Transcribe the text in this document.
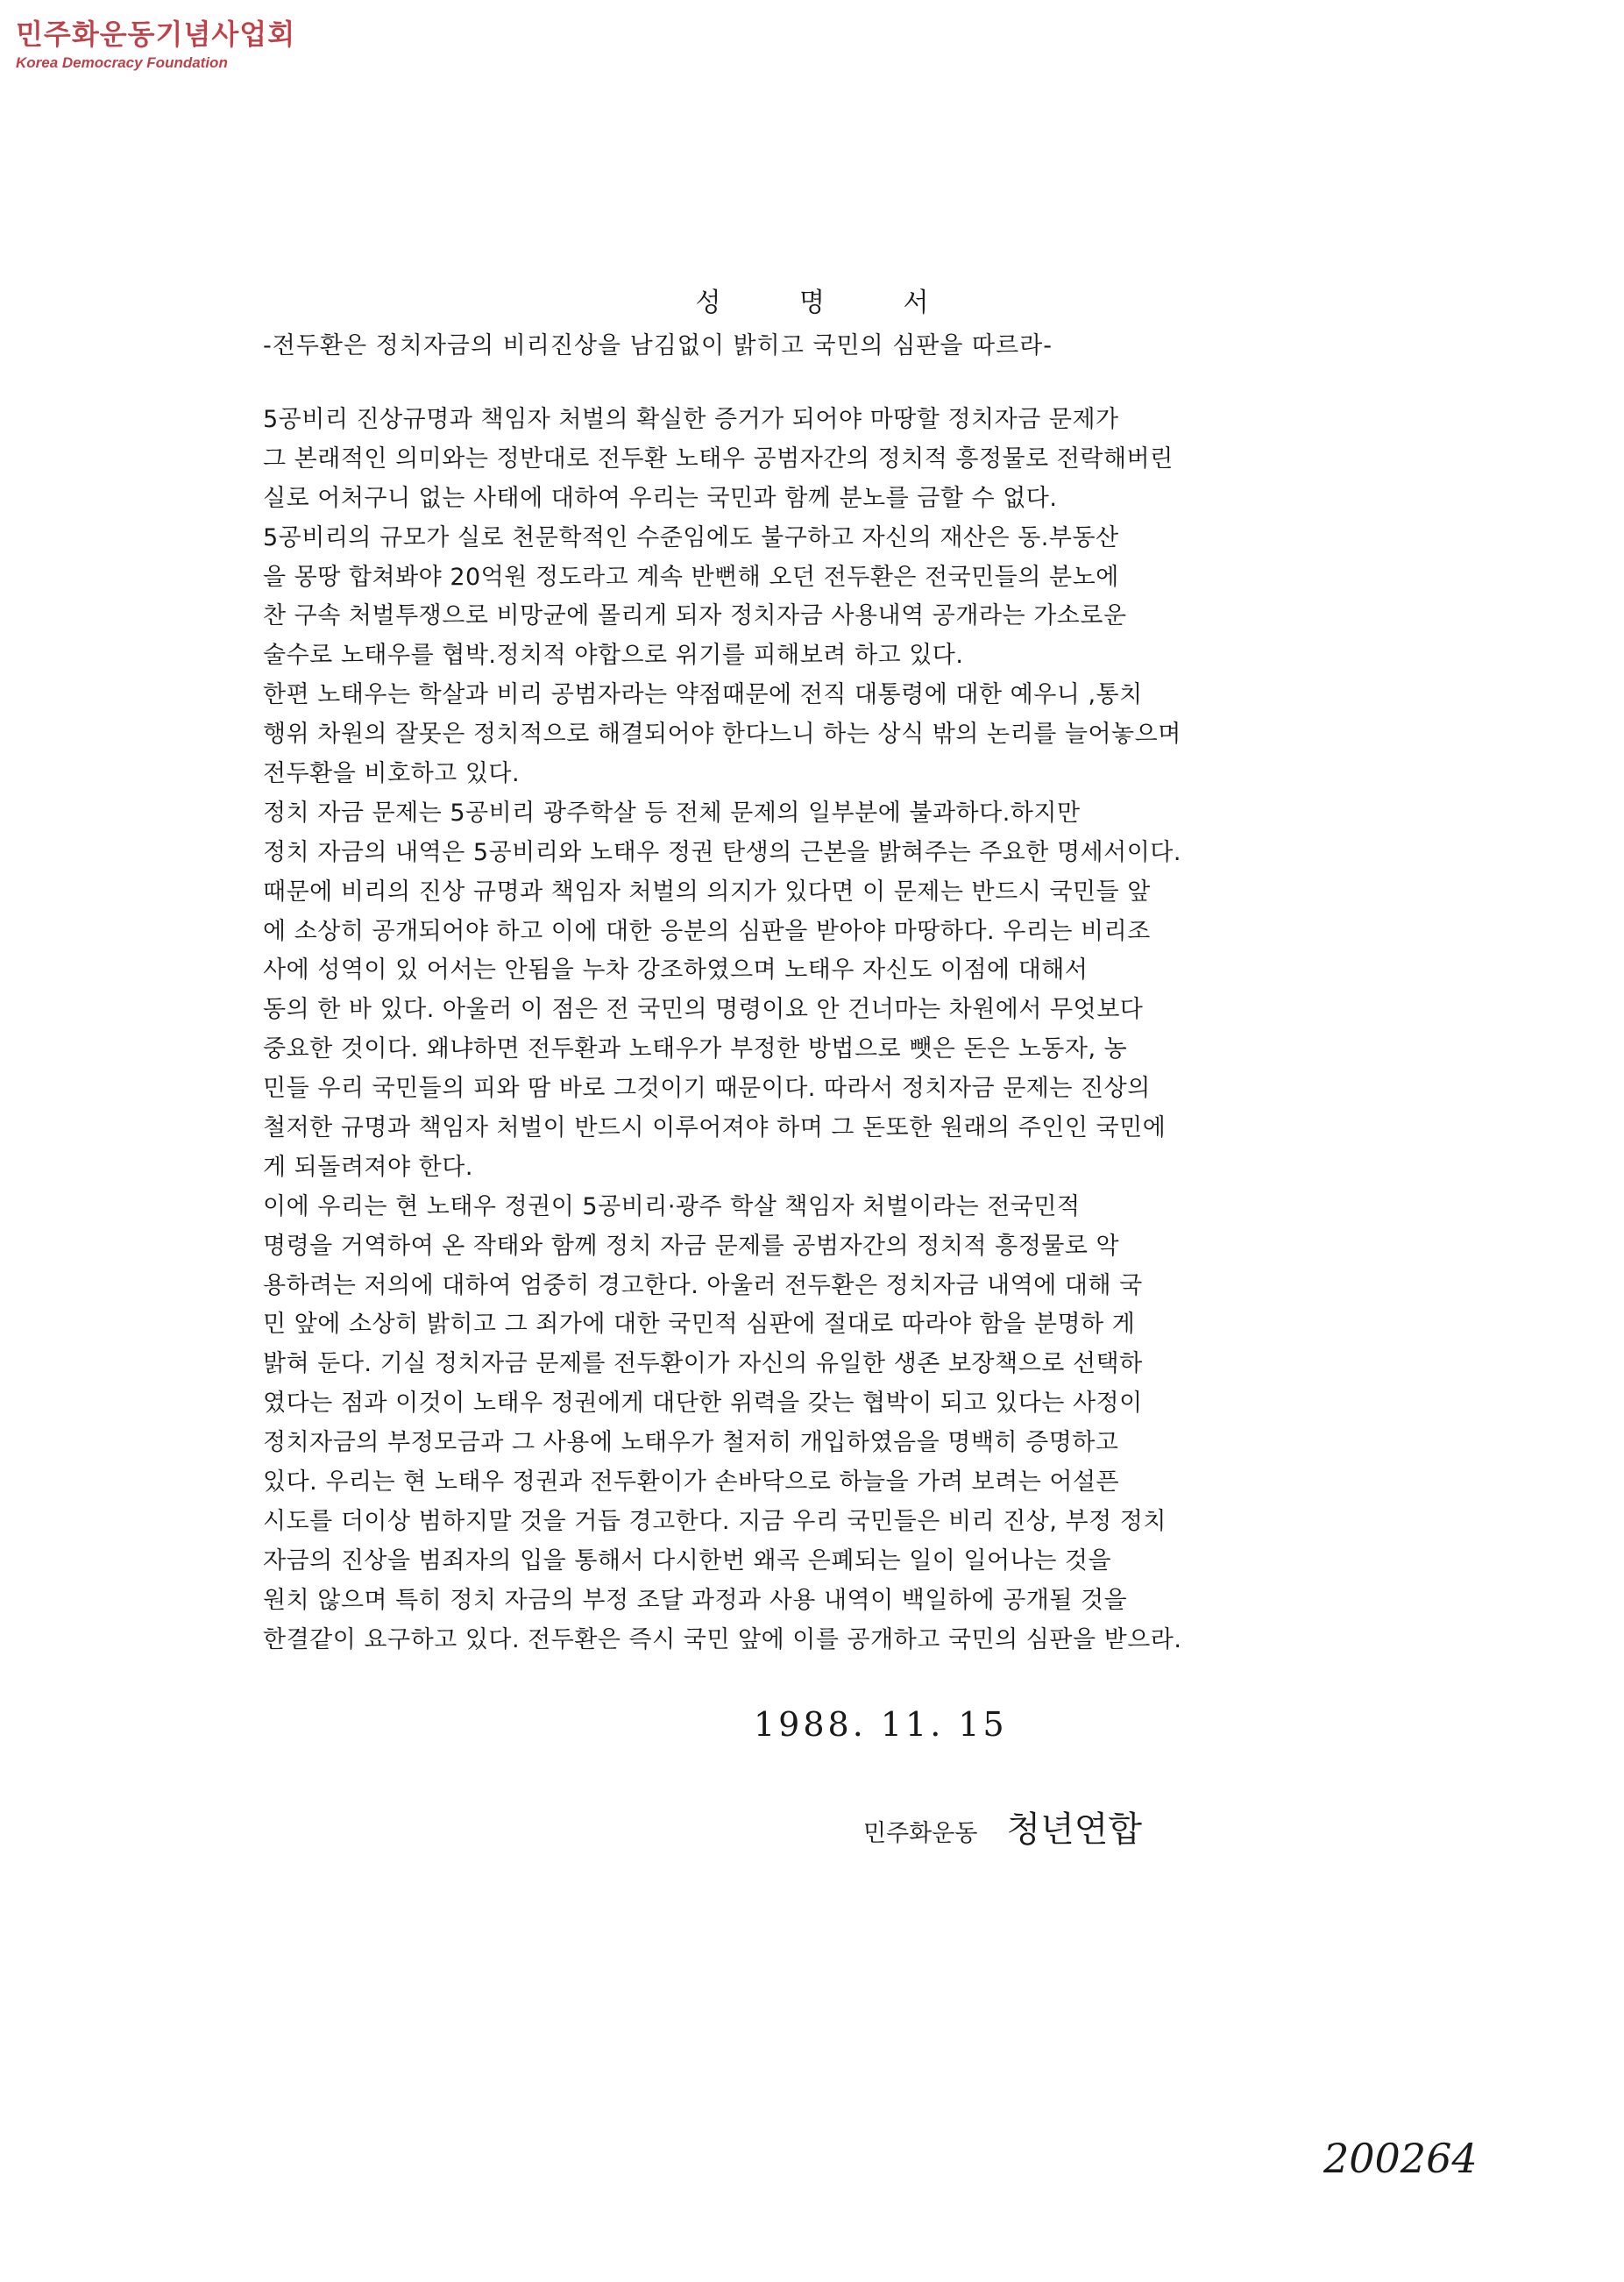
민주화운동기념사업회
Korea Democracy Foundation
성 명 서
-전두환은 정치자금의 비리진상을 남김없이 밝히고 국민의 심판을 따르라-
5공비리 진상규명과 책임자 처벌의 확실한 증거가 되어야 마땅할 정치자금 문제가
그 본래적인 의미와는 정반대로 전두환 노태우 공범자간의 정치적 흥정물로 전락해버린
실로 어처구니 없는 사태에 대하여 우리는 국민과 함께 분노를 금할 수 없다.
5공비리의 규모가 실로 천문학적인 수준임에도 불구하고 자신의 재산은 동.부동산
을 몽땅 합쳐봐야 20억원 정도라고 계속 반뻔해 오던 전두환은 전국민들의 분노에
찬 구속 처벌투쟁으로 비망균에 몰리게 되자 정치자금 사용내역 공개라는 가소로운
술수로 노태우를 협박.정치적 야합으로 위기를 피해보려 하고 있다.
한편 노태우는 학살과 비리 공범자라는 약점때문에 전직 대통령에 대한 예우니 ,통치
행위 차원의 잘못은 정치적으로 해결되어야 한다느니 하는 상식 밖의 논리를 늘어놓으며
전두환을 비호하고 있다.
정치 자금 문제는 5공비리 광주학살 등 전체 문제의 일부분에 불과하다.하지만
정치 자금의 내역은 5공비리와 노태우 정권 탄생의 근본을 밝혀주는 주요한 명세서이다.
때문에 비리의 진상 규명과 책임자 처벌의 의지가 있다면 이 문제는 반드시 국민들 앞
에 소상히 공개되어야 하고 이에 대한 응분의 심판을 받아야 마땅하다. 우리는 비리조
사에 성역이 있 어서는 안됨을 누차 강조하였으며 노태우 자신도 이점에 대해서
동의 한 바 있다. 아울러 이 점은 전 국민의 명령이요 안 건너마는 차원에서 무엇보다
중요한 것이다. 왜냐하면 전두환과 노태우가 부정한 방법으로 뺏은 돈은 노동자, 농
민들 우리 국민들의 피와 땀 바로 그것이기 때문이다. 따라서 정치자금 문제는 진상의
철저한 규명과 책임자 처벌이 반드시 이루어져야 하며 그 돈또한 원래의 주인인 국민에
게 되돌려져야 한다.
이에 우리는 현 노태우 정권이 5공비리·광주 학살 책임자 처벌이라는 전국민적
명령을 거역하여 온 작태와 함께 정치 자금 문제를 공범자간의 정치적 흥정물로 악
용하려는 저의에 대하여 엄중히 경고한다. 아울러 전두환은 정치자금 내역에 대해 국
민 앞에 소상히 밝히고 그 죄가에 대한 국민적 심판에 절대로 따라야 함을 분명하 게
밝혀 둔다. 기실 정치자금 문제를 전두환이가 자신의 유일한 생존 보장책으로 선택하
였다는 점과 이것이 노태우 정권에게 대단한 위력을 갖는 협박이 되고 있다는 사정이
정치자금의 부정모금과 그 사용에 노태우가 철저히 개입하였음을 명백히 증명하고
있다. 우리는 현 노태우 정권과 전두환이가 손바닥으로 하늘을 가려 보려는 어설픈
시도를 더이상 범하지말 것을 거듭 경고한다. 지금 우리 국민들은 비리 진상, 부정 정치
자금의 진상을 범죄자의 입을 통해서 다시한번 왜곡 은폐되는 일이 일어나는 것을
원치 않으며 특히 정치 자금의 부정 조달 과정과 사용 내역이 백일하에 공개될 것을
한결같이 요구하고 있다. 전두환은 즉시 국민 앞에 이를 공개하고 국민의 심판을 받으라.
1988. 11. 15
민주화운동 청년연합
200264
